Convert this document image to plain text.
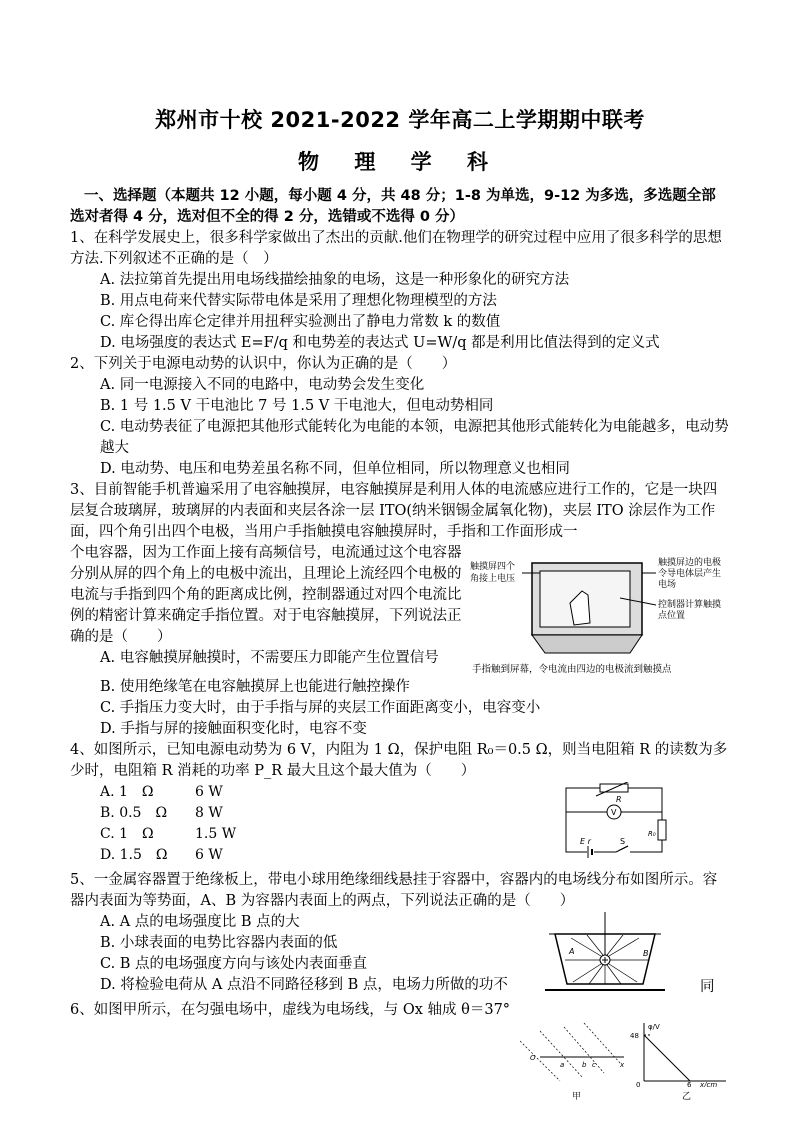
郑州市十校 2021-2022 学年高二上学期期中联考
物 理 学 科
一、选择题（本题共 12 小题，每小题 4 分，共 48 分；1-8 为单选，9-12 为多选，多选题全部选对者得 4 分，选对但不全的得 2 分，选错或不选得 0 分）
1、在科学发展史上，很多科学家做出了杰出的贡献.他们在物理学的研究过程中应用了很多科学的思想方法.下列叙述不正确的是（　）
A. 法拉第首先提出用电场线描绘抽象的电场，这是一种形象化的研究方法
B. 用点电荷来代替实际带电体是采用了理想化物理模型的方法
C. 库仑得出库仑定律并用扭秤实验测出了静电力常数 k 的数值
D. 电场强度的表达式 E=F/q 和电势差的表达式 U=W/q 都是利用比值法得到的定义式
2、下列关于电源电动势的认识中，你认为正确的是（　　）
A. 同一电源接入不同的电路中，电动势会发生变化
B. 1 号 1.5 V 干电池比 7 号 1.5 V 干电池大，但电动势相同
C. 电动势表征了电源把其他形式能转化为电能的本领，电源把其他形式能转化为电能越多，电动势越大
D. 电动势、电压和电势差虽名称不同，但单位相同，所以物理意义也相同
3、目前智能手机普遍采用了电容触摸屏，电容触摸屏是利用人体的电流感应进行工作的，它是一块四层复合玻璃屏，玻璃屏的内表面和夹层各涂一层 ITO(纳米铟锡金属氧化物)，夹层 ITO 涂层作为工作面，四个角引出四个电极，当用户手指触摸电容触摸屏时，手指和工作面形成一
个电容器，因为工作面上接有高频信号，电流通过这个电容器分别从屏的四个角上的电极中流出，且理论上流经四个电极的电流与手指到四个角的距离成比例，控制器通过对四个电流比例的精密计算来确定手指位置。对于电容触摸屏，下列说法正确的是（　　）
A. 电容触摸屏触摸时，不需要压力即能产生位置信号
触摸屏四个
角接上电压
触摸屏边的电极
令导电体层产生
电场
控制器计算触摸
点位置
手指触到屏幕，令电流由四边的电极流到触摸点
B. 使用绝缘笔在电容触摸屏上也能进行触控操作
C. 手指压力变大时，由于手指与屏的夹层工作面距离变小，电容变小
D. 手指与屏的接触面积变化时，电容不变
4、如图所示，已知电源电动势为 6 V，内阻为 1 Ω，保护电阻 R₀＝0.5 Ω，则当电阻箱 R 的读数为多少时，电阻箱 R 消耗的功率 P_R 最大且这个最大值为（　　）
A. 1　Ω	6 W
B. 0.5　Ω	8 W
C. 1　Ω	1.5 W
D. 1.5　Ω	6 W
R
V
R₀
E r	S
5、一金属容器置于绝缘板上，带电小球用绝缘细线悬挂于容器中，容器内的电场线分布如图所示。容器内表面为等势面，A、B 为容器内表面上的两点，下列说法正确的是（　　）
A. A 点的电场强度比 B 点的大
B. 小球表面的电势比容器内表面的低
C. B 点的电场强度方向与该处内表面垂直
D. 将检验电荷从 A 点沿不同路径移到 B 点，电场力所做的功不
A	B
同
6、如图甲所示，在匀强电场中，虚线为电场线，与 Ox 轴成 θ＝37°
O
a	b c	x
甲
φ/V
48
0	6 x/cm
乙
